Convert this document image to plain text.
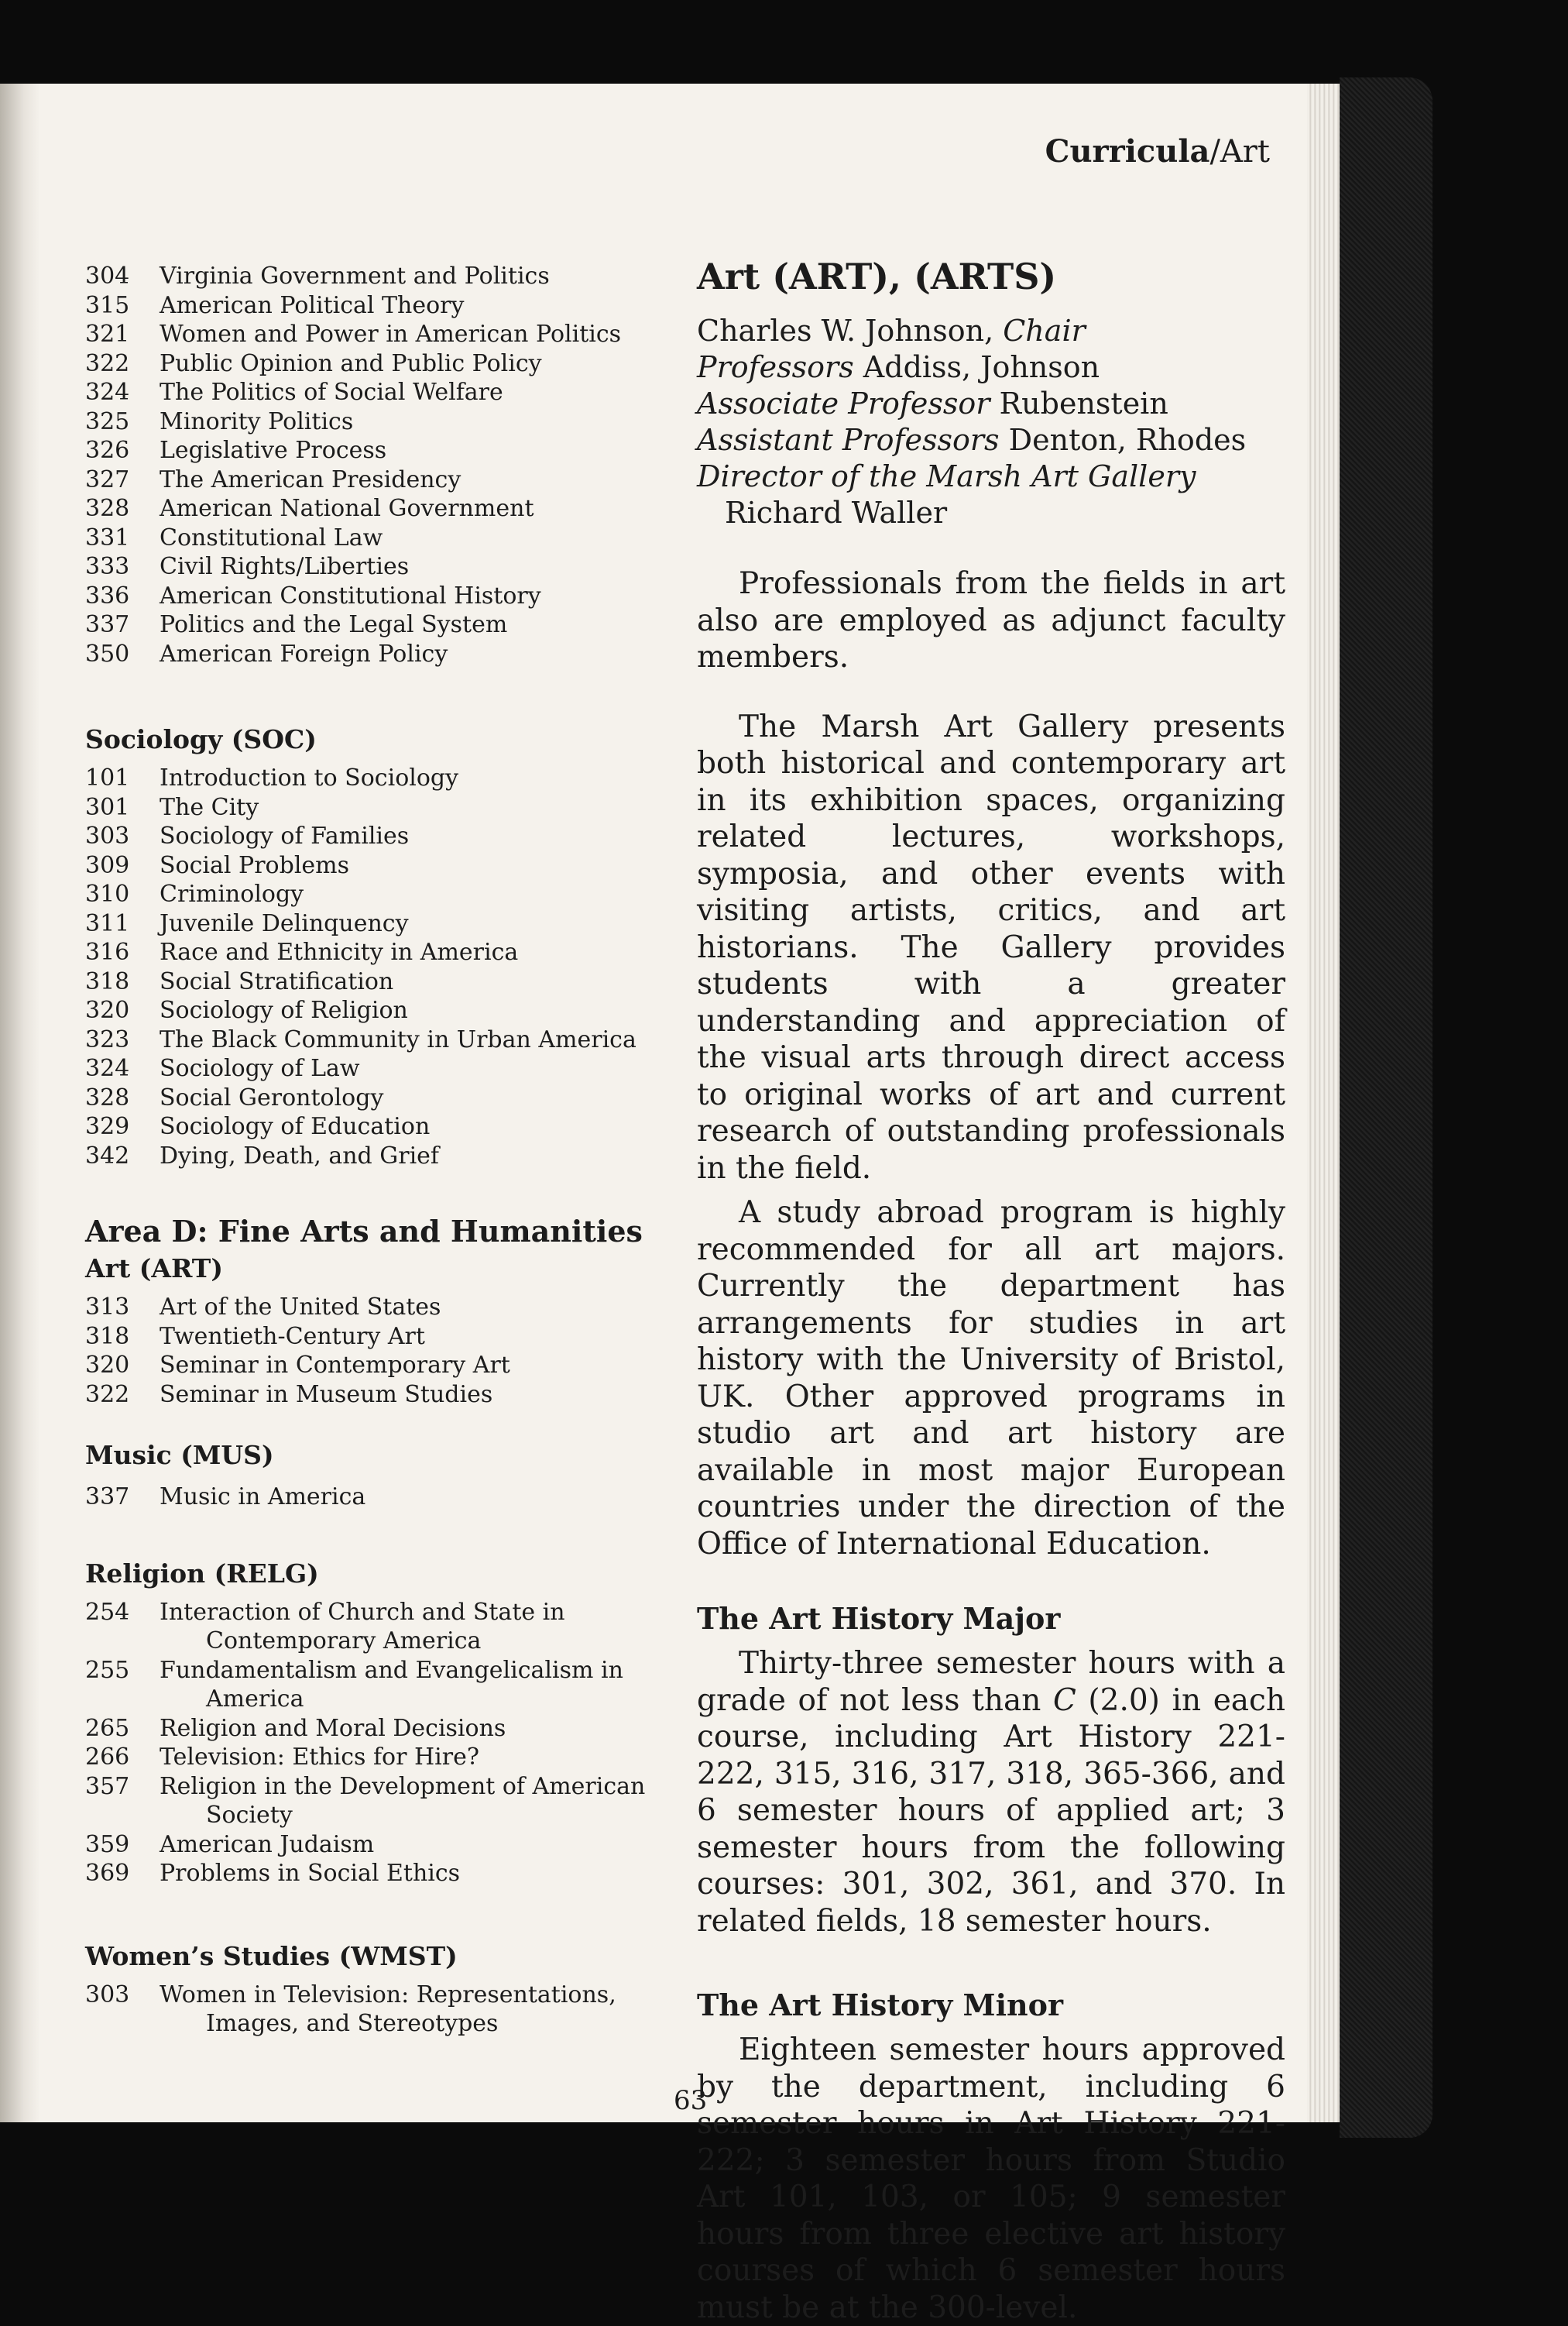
Curricula/Art
304	Virginia Government and Politics
315	American Political Theory
321	Women and Power in American Politics
322	Public Opinion and Public Policy
324	The Politics of Social Welfare
325	Minority Politics
326	Legislative Process
327	The American Presidency
328	American National Government
331	Constitutional Law
333	Civil Rights/Liberties
336	American Constitutional History
337	Politics and the Legal System
350	American Foreign Policy
Sociology (SOC)
101	Introduction to Sociology
301	The City
303	Sociology of Families
309	Social Problems
310	Criminology
311	Juvenile Delinquency
316	Race and Ethnicity in America
318	Social Stratification
320	Sociology of Religion
323	The Black Community in Urban America
324	Sociology of Law
328	Social Gerontology
329	Sociology of Education
342	Dying, Death, and Grief
Area D: Fine Arts and Humanities
Art (ART)
313	Art of the United States
318	Twentieth-Century Art
320	Seminar in Contemporary Art
322	Seminar in Museum Studies
Music (MUS)
337	Music in America
Religion (RELG)
254	Interaction of Church and State in Contemporary America
255	Fundamentalism and Evangelicalism in America
265	Religion and Moral Decisions
266	Television: Ethics for Hire?
357	Religion in the Development of American Society
359	American Judaism
369	Problems in Social Ethics
Women’s Studies (WMST)
303	Women in Television: Representations, Images, and Stereotypes
Art (ART), (ARTS)
Charles W. Johnson, Chair
Professors Addiss, Johnson
Associate Professor Rubenstein
Assistant Professors Denton, Rhodes
Director of the Marsh Art Gallery Richard Waller

Professionals from the fields in art also are employed as adjunct faculty members.

The Marsh Art Gallery presents both historical and contemporary art in its exhibition spaces, organizing related lectures, workshops, symposia, and other events with visiting artists, critics, and art historians. The Gallery provides students with a greater understanding and appreciation of the visual arts through direct access to original works of art and current research of outstanding professionals in the field.

A study abroad program is highly recommended for all art majors. Currently the department has arrangements for studies in art history with the University of Bristol, UK. Other approved programs in studio art and art history are available in most major European countries under the direction of the Office of International Education.

The Art History Major

Thirty-three semester hours with a grade of not less than C (2.0) in each course, including Art History 221-222, 315, 316, 317, 318, 365-366, and 6 semester hours of applied art; 3 semester hours from the following courses: 301, 302, 361, and 370. In related fields, 18 semester hours.

The Art History Minor

Eighteen semester hours approved by the department, including 6 semester hours in Art History 221-222; 3 semester hours from Studio Art 101, 103, or 105; 9 semester hours from three elective art history courses of which 6 semester hours must be at the 300-level.

63
